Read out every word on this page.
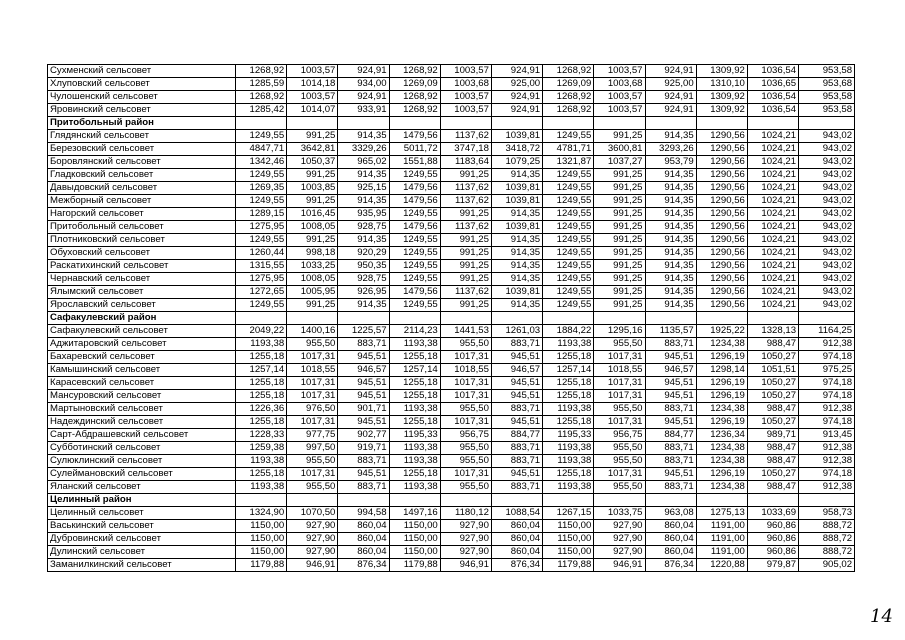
Сухменский сельсовет	1268,92	1003,57	924,91	1268,92	1003,57	924,91	1268,92	1003,57	924,91	1309,92	1036,54	953,58
Хлуповский сельсовет	1285,59	1014,18	934,00	1269,09	1003,68	925,00	1269,09	1003,68	925,00	1310,10	1036,65	953,68
Чулошенский сельсовет	1268,92	1003,57	924,91	1268,92	1003,57	924,91	1268,92	1003,57	924,91	1309,92	1036,54	953,58
Яровинский сельсовет	1285,42	1014,07	933,91	1268,92	1003,57	924,91	1268,92	1003,57	924,91	1309,92	1036,54	953,58
Притобольный район												
Глядянский сельсовет	1249,55	991,25	914,35	1479,56	1137,62	1039,81	1249,55	991,25	914,35	1290,56	1024,21	943,02
Березовский сельсовет	4847,71	3642,81	3329,26	5011,72	3747,18	3418,72	4781,71	3600,81	3293,26	1290,56	1024,21	943,02
Боровлянский сельсовет	1342,46	1050,37	965,02	1551,88	1183,64	1079,25	1321,87	1037,27	953,79	1290,56	1024,21	943,02
Гладковский сельсовет	1249,55	991,25	914,35	1249,55	991,25	914,35	1249,55	991,25	914,35	1290,56	1024,21	943,02
Давыдовский сельсовет	1269,35	1003,85	925,15	1479,56	1137,62	1039,81	1249,55	991,25	914,35	1290,56	1024,21	943,02
Межборный сельсовет	1249,55	991,25	914,35	1479,56	1137,62	1039,81	1249,55	991,25	914,35	1290,56	1024,21	943,02
Нагорский сельсовет	1289,15	1016,45	935,95	1249,55	991,25	914,35	1249,55	991,25	914,35	1290,56	1024,21	943,02
Притобольный сельсовет	1275,95	1008,05	928,75	1479,56	1137,62	1039,81	1249,55	991,25	914,35	1290,56	1024,21	943,02
Плотниковский сельсовет	1249,55	991,25	914,35	1249,55	991,25	914,35	1249,55	991,25	914,35	1290,56	1024,21	943,02
Обуховский сельсовет	1260,44	998,18	920,29	1249,55	991,25	914,35	1249,55	991,25	914,35	1290,56	1024,21	943,02
Раскатихинский сельсовет	1315,55	1033,25	950,35	1249,55	991,25	914,35	1249,55	991,25	914,35	1290,56	1024,21	943,02
Чернавский сельсовет	1275,95	1008,05	928,75	1249,55	991,25	914,35	1249,55	991,25	914,35	1290,56	1024,21	943,02
Ялымский сельсовет	1272,65	1005,95	926,95	1479,56	1137,62	1039,81	1249,55	991,25	914,35	1290,56	1024,21	943,02
Ярославский сельсовет	1249,55	991,25	914,35	1249,55	991,25	914,35	1249,55	991,25	914,35	1290,56	1024,21	943,02
Сафакулевский район												
Сафакулевский сельсовет	2049,22	1400,16	1225,57	2114,23	1441,53	1261,03	1884,22	1295,16	1135,57	1925,22	1328,13	1164,25
Аджитаровский сельсовет	1193,38	955,50	883,71	1193,38	955,50	883,71	1193,38	955,50	883,71	1234,38	988,47	912,38
Бахаревский сельсовет	1255,18	1017,31	945,51	1255,18	1017,31	945,51	1255,18	1017,31	945,51	1296,19	1050,27	974,18
Камышинский сельсовет	1257,14	1018,55	946,57	1257,14	1018,55	946,57	1257,14	1018,55	946,57	1298,14	1051,51	975,25
Карасевский сельсовет	1255,18	1017,31	945,51	1255,18	1017,31	945,51	1255,18	1017,31	945,51	1296,19	1050,27	974,18
Мансуровский сельсовет	1255,18	1017,31	945,51	1255,18	1017,31	945,51	1255,18	1017,31	945,51	1296,19	1050,27	974,18
Мартыновский сельсовет	1226,36	976,50	901,71	1193,38	955,50	883,71	1193,38	955,50	883,71	1234,38	988,47	912,38
Надеждинский сельсовет	1255,18	1017,31	945,51	1255,18	1017,31	945,51	1255,18	1017,31	945,51	1296,19	1050,27	974,18
Сарт-Абдрашевский сельсовет	1228,33	977,75	902,77	1195,33	956,75	884,77	1195,33	956,75	884,77	1236,34	989,71	913,45
Субботинский сельсовет	1259,38	997,50	919,71	1193,38	955,50	883,71	1193,38	955,50	883,71	1234,38	988,47	912,38
Сулюклинский сельсовет	1193,38	955,50	883,71	1193,38	955,50	883,71	1193,38	955,50	883,71	1234,38	988,47	912,38
Сулейманoвский сельсовет	1255,18	1017,31	945,51	1255,18	1017,31	945,51	1255,18	1017,31	945,51	1296,19	1050,27	974,18
Яланский сельсовет	1193,38	955,50	883,71	1193,38	955,50	883,71	1193,38	955,50	883,71	1234,38	988,47	912,38
Целинный район												
Целинный сельсовет	1324,90	1070,50	994,58	1497,16	1180,12	1088,54	1267,15	1033,75	963,08	1275,13	1033,69	958,73
Васькинский сельсовет	1150,00	927,90	860,04	1150,00	927,90	860,04	1150,00	927,90	860,04	1191,00	960,86	888,72
Дубровинский сельсовет	1150,00	927,90	860,04	1150,00	927,90	860,04	1150,00	927,90	860,04	1191,00	960,86	888,72
Дулинский сельсовет	1150,00	927,90	860,04	1150,00	927,90	860,04	1150,00	927,90	860,04	1191,00	960,86	888,72
Заманилкинский сельсовет	1179,88	946,91	876,34	1179,88	946,91	876,34	1179,88	946,91	876,34	1220,88	979,87	905,02
14
